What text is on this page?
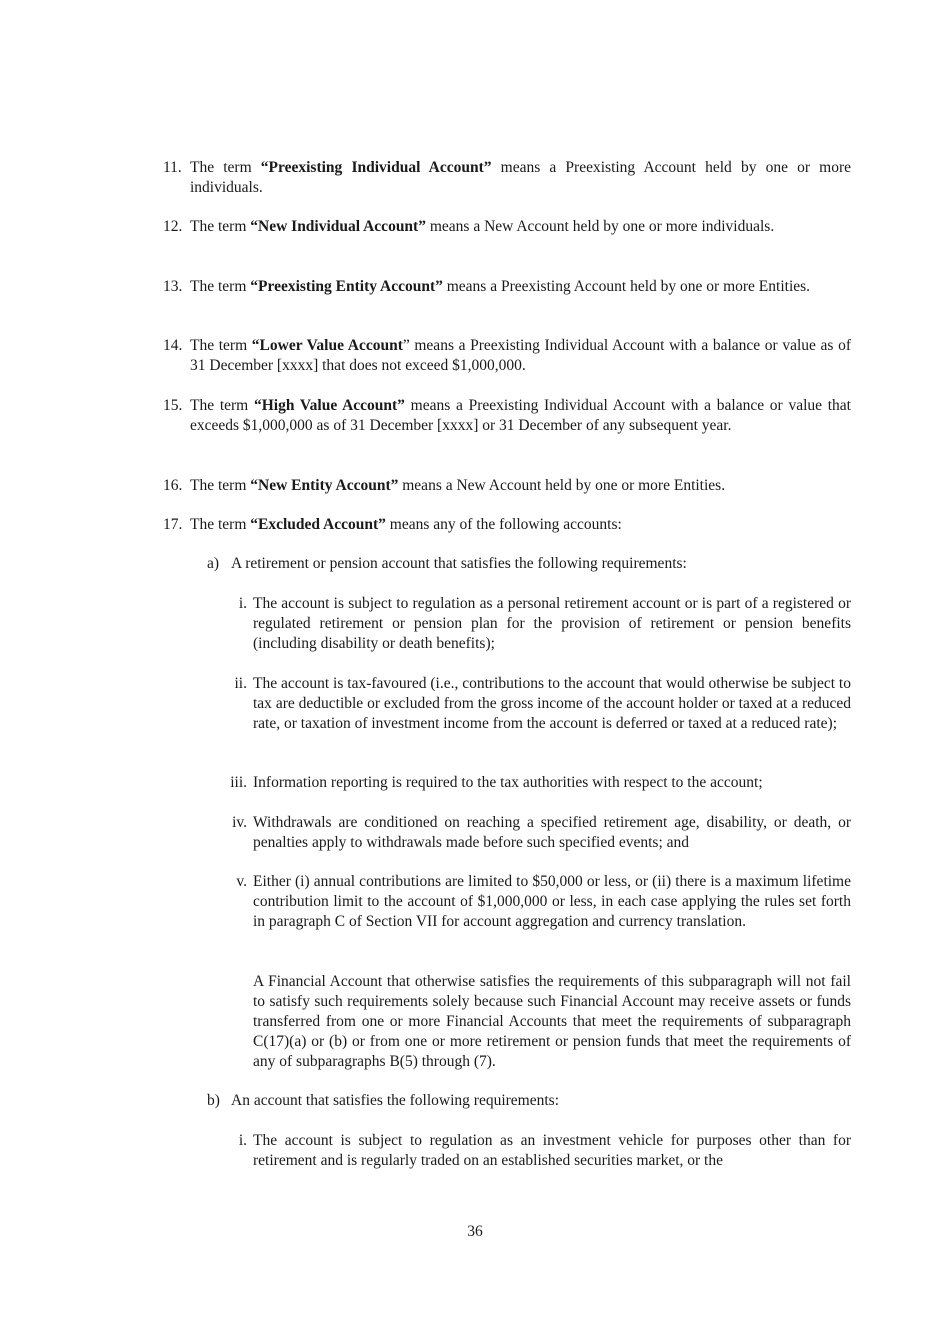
11. The term “Preexisting Individual Account” means a Preexisting Account held by one or more individuals.
12. The term “New Individual Account” means a New Account held by one or more individuals.
13. The term “Preexisting Entity Account” means a Preexisting Account held by one or more Entities.
14. The term “Lower Value Account” means a Preexisting Individual Account with a balance or value as of 31 December [xxxx] that does not exceed $1,000,000.
15. The term “High Value Account” means a Preexisting Individual Account with a balance or value that exceeds $1,000,000 as of 31 December [xxxx] or 31 December of any subsequent year.
16. The term “New Entity Account” means a New Account held by one or more Entities.
17. The term “Excluded Account” means any of the following accounts:
a) A retirement or pension account that satisfies the following requirements:
i. The account is subject to regulation as a personal retirement account or is part of a registered or regulated retirement or pension plan for the provision of retirement or pension benefits (including disability or death benefits);
ii. The account is tax-favoured (i.e., contributions to the account that would otherwise be subject to tax are deductible or excluded from the gross income of the account holder or taxed at a reduced rate, or taxation of investment income from the account is deferred or taxed at a reduced rate);
iii. Information reporting is required to the tax authorities with respect to the account;
iv. Withdrawals are conditioned on reaching a specified retirement age, disability, or death, or penalties apply to withdrawals made before such specified events; and
v. Either (i) annual contributions are limited to $50,000 or less, or (ii) there is a maximum lifetime contribution limit to the account of $1,000,000 or less, in each case applying the rules set forth in paragraph C of Section VII for account aggregation and currency translation.
A Financial Account that otherwise satisfies the requirements of this subparagraph will not fail to satisfy such requirements solely because such Financial Account may receive assets or funds transferred from one or more Financial Accounts that meet the requirements of subparagraph C(17)(a) or (b) or from one or more retirement or pension funds that meet the requirements of any of subparagraphs B(5) through (7).
b) An account that satisfies the following requirements:
i. The account is subject to regulation as an investment vehicle for purposes other than for retirement and is regularly traded on an established securities market, or the
36
